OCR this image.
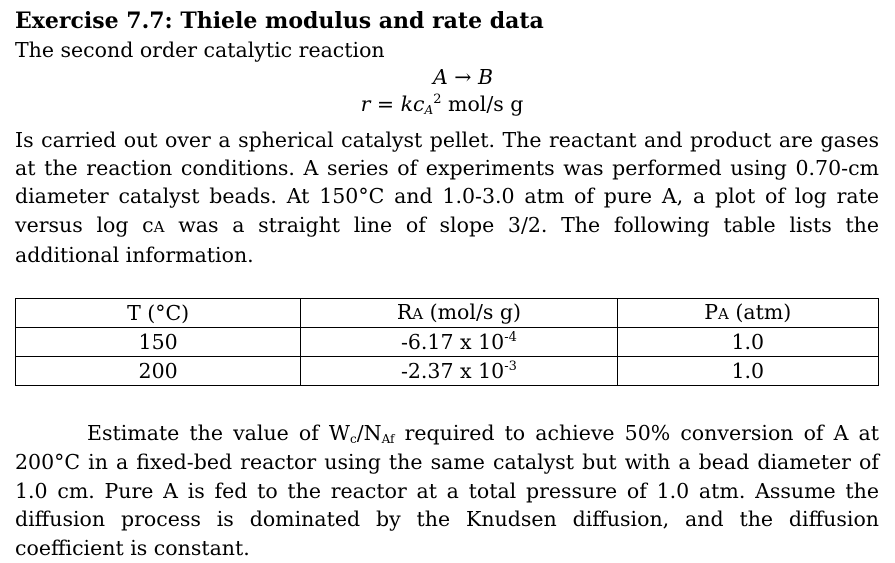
Exercise 7.7: Thiele modulus and rate data

The second order catalytic reaction

A → B

$r = kc_A^2$ mol/s g

Is carried out over a spherical catalyst pellet. The reactant and product are gases at the reaction conditions. A series of experiments was performed using 0.70-cm diameter catalyst beads. At 150°C and 1.0-3.0 atm of pure A, a plot of log rate versus log cA was a straight line of slope 3/2. The following table lists the additional information.

T (°C)	RA (mol/s g)	PA (atm)
150	-6.17 x $10^{-4}$	1.0
200	-2.37 x $10^{-3}$	1.0

Estimate the value of $W_c/N_{Af}$ required to achieve 50% conversion of A at 200°C in a fixed-bed reactor using the same catalyst but with a bead diameter of 1.0 cm. Pure A is fed to the reactor at a total pressure of 1.0 atm. Assume the diffusion process is dominated by the Knudsen diffusion, and the diffusion coefficient is constant.
